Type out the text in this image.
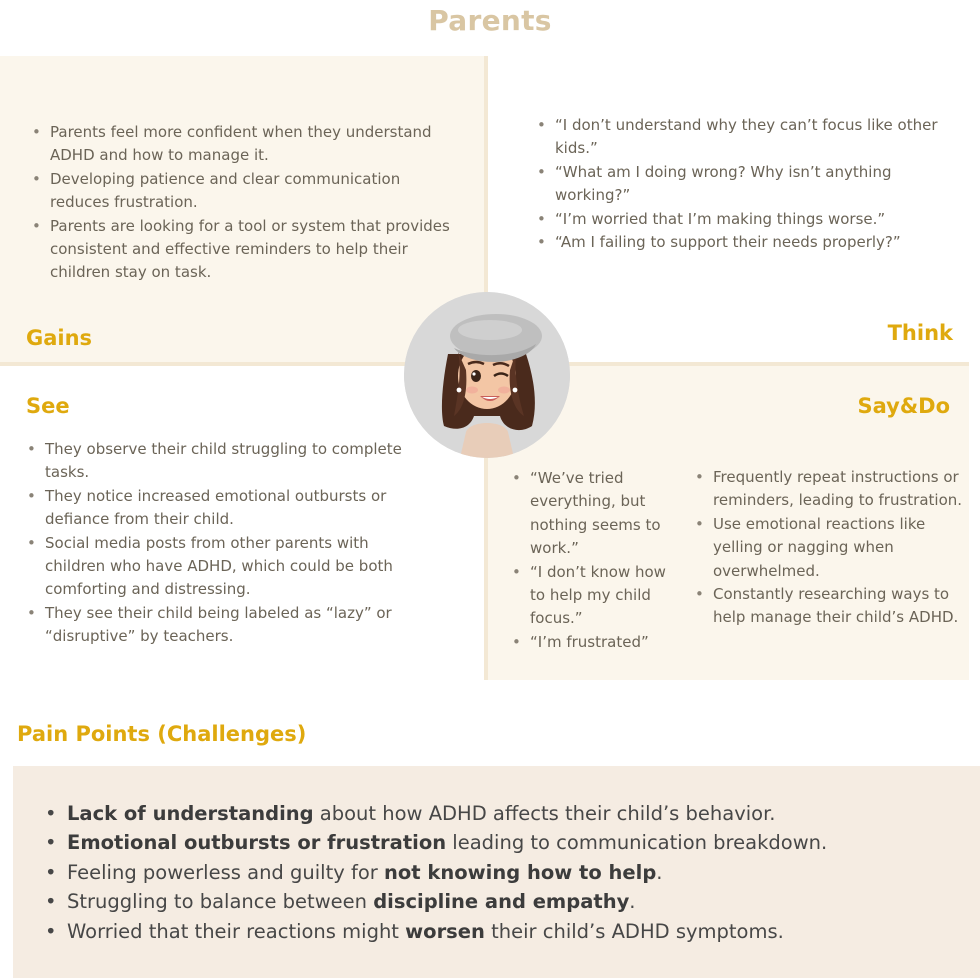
Parents
• Parents feel more confident when they understand ADHD and how to manage it.
• Developing patience and clear communication reduces frustration.
• Parents are looking for a tool or system that provides consistent and effective reminders to help their children stay on task.
Gains
• “I don’t understand why they can’t focus like other kids.”
• “What am I doing wrong? Why isn’t anything working?”
• “I’m worried that I’m making things worse.”
• “Am I failing to support their needs properly?”
Think
See
• They observe their child struggling to complete tasks.
• They notice increased emotional outbursts or defiance from their child.
• Social media posts from other parents with children who have ADHD, which could be both comforting and distressing.
• They see their child being labeled as “lazy” or “disruptive” by teachers.
Say&Do
• “We’ve tried everything, but nothing seems to work.”
• “I don’t know how to help my child focus.”
• “I’m frustrated”
• Frequently repeat instructions or reminders, leading to frustration.
• Use emotional reactions like yelling or nagging when overwhelmed.
• Constantly researching ways to help manage their child’s ADHD.
Pain Points (Challenges)
• Lack of understanding about how ADHD affects their child’s behavior.
• Emotional outbursts or frustration leading to communication breakdown.
• Feeling powerless and guilty for not knowing how to help.
• Struggling to balance between discipline and empathy.
• Worried that their reactions might worsen their child’s ADHD symptoms.
